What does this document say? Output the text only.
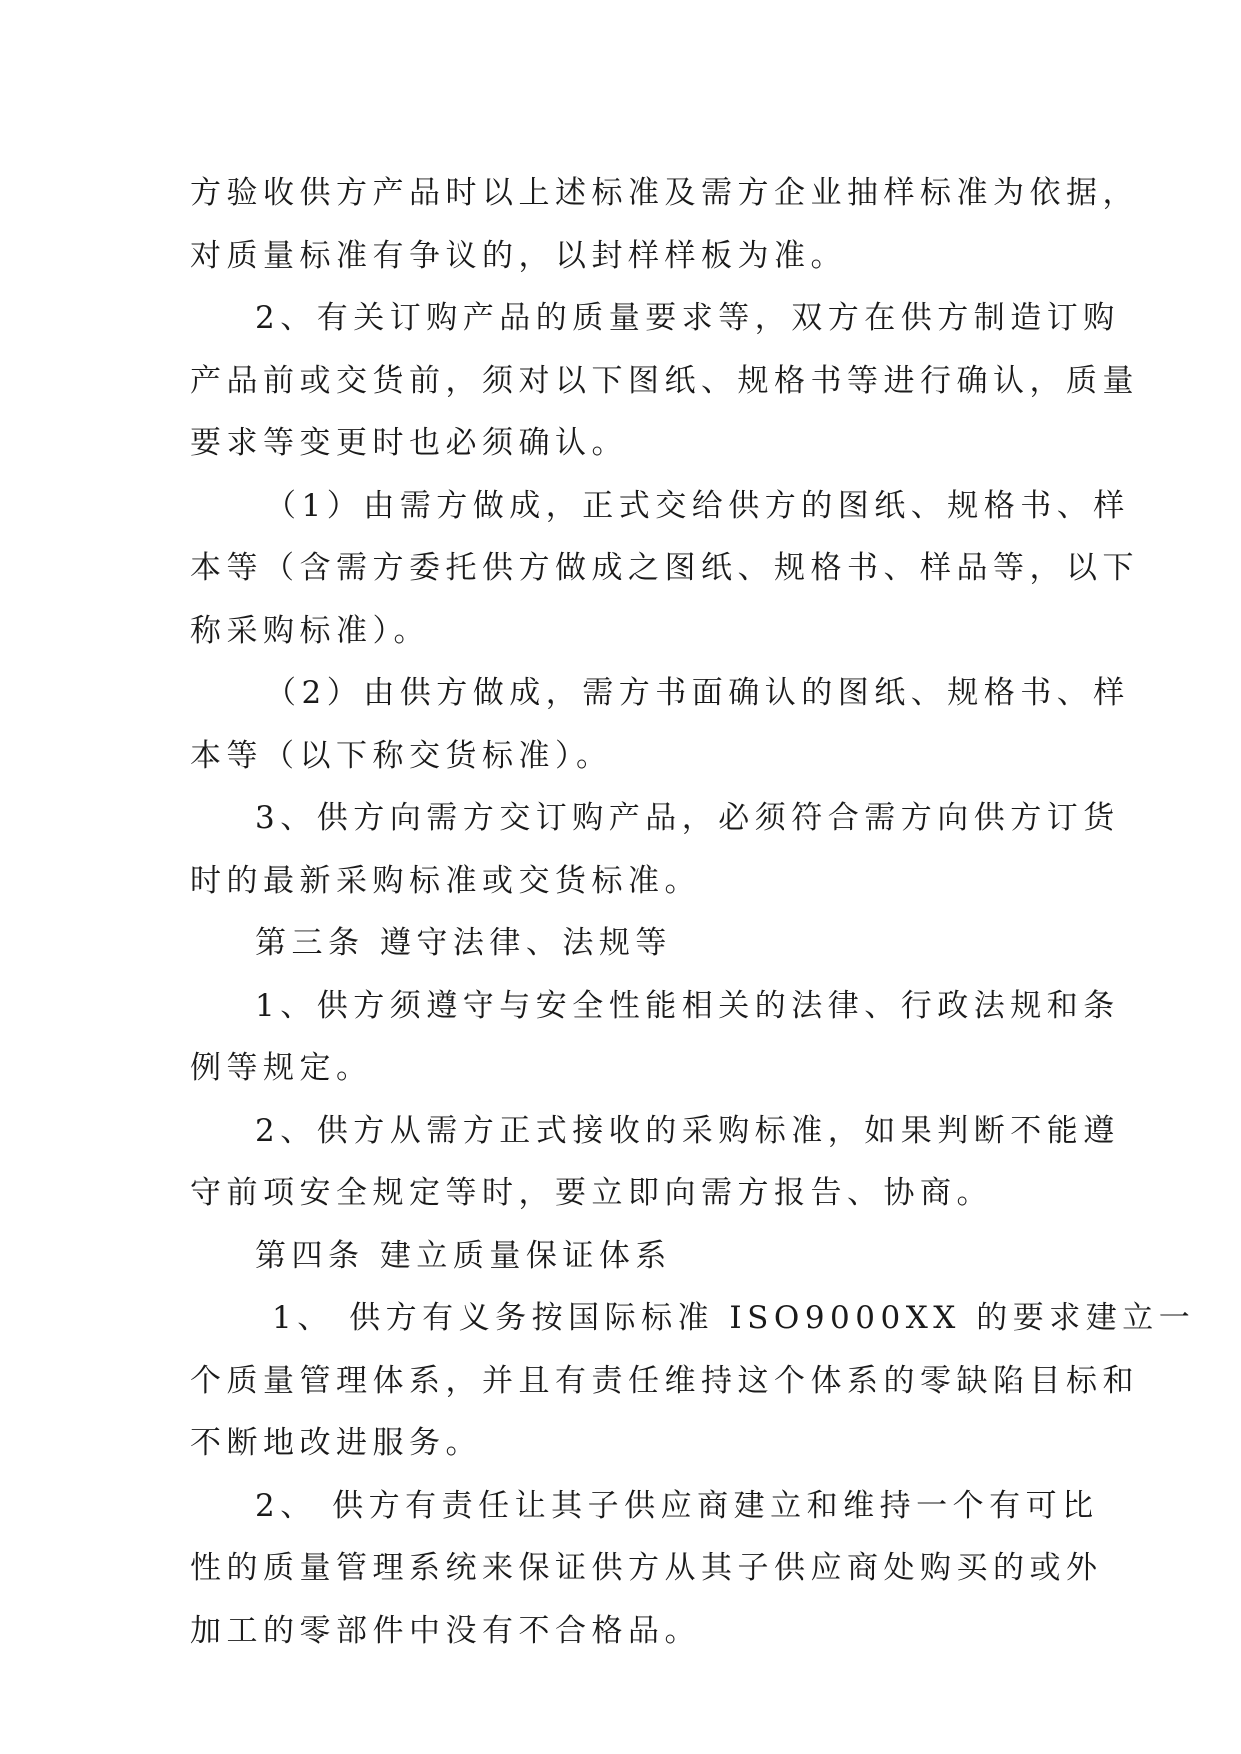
方验收供方产品时以上述标准及需方企业抽样标准为依据，
对质量标准有争议的，以封样样板为准。
2、有关订购产品的质量要求等，双方在供方制造订购
产品前或交货前，须对以下图纸、规格书等进行确认，质量
要求等变更时也必须确认。
（1）由需方做成，正式交给供方的图纸、规格书、样
本等（含需方委托供方做成之图纸、规格书、样品等，以下
称采购标准）。
（2）由供方做成，需方书面确认的图纸、规格书、样
本等（以下称交货标准）。
3、供方向需方交订购产品，必须符合需方向供方订货
时的最新采购标准或交货标准。
第三条 遵守法律、法规等
1、供方须遵守与安全性能相关的法律、行政法规和条
例等规定。
2、供方从需方正式接收的采购标准，如果判断不能遵
守前项安全规定等时，要立即向需方报告、协商。
第四条 建立质量保证体系
1、 供方有义务按国际标准 ISO9000XX 的要求建立一
个质量管理体系，并且有责任维持这个体系的零缺陷目标和
不断地改进服务。
2、 供方有责任让其子供应商建立和维持一个有可比
性的质量管理系统来保证供方从其子供应商处购买的或外
加工的零部件中没有不合格品。
